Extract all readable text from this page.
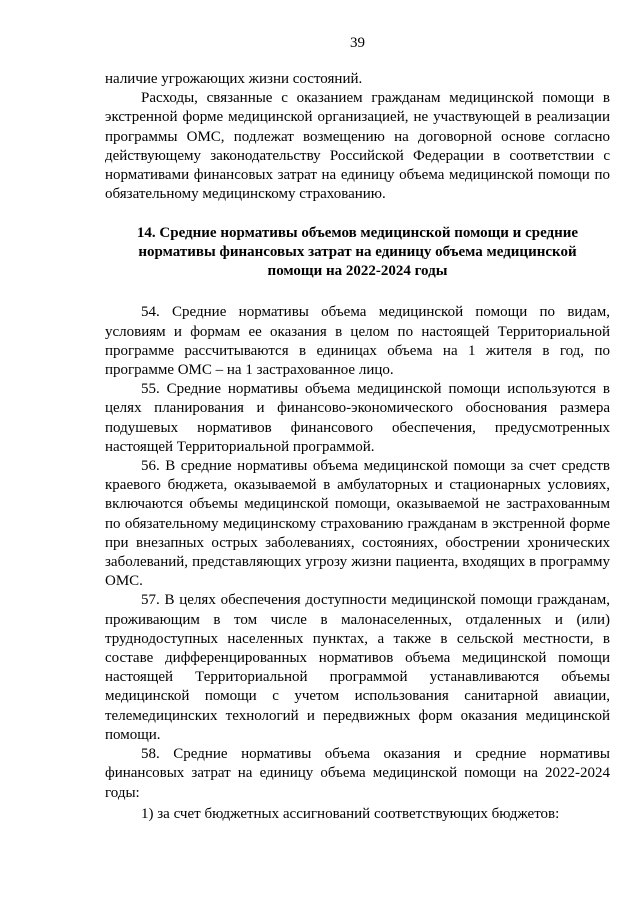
39

наличие угрожающих жизни состояний.

Расходы, связанные с оказанием гражданам медицинской помощи в экстренной форме медицинской организацией, не участвующей в реализации программы ОМС, подлежат возмещению на договорной основе согласно действующему законодательству Российской Федерации в соответствии с нормативами финансовых затрат на единицу объема медицинской помощи по обязательному медицинскому страхованию.

14. Средние нормативы объемов медицинской помощи и средние нормативы финансовых затрат на единицу объема медицинской помощи на 2022-2024 годы

54. Средние нормативы объема медицинской помощи по видам, условиям и формам ее оказания в целом по настоящей Территориальной программе рассчитываются в единицах объема на 1 жителя в год, по программе ОМС – на 1 застрахованное лицо.

55. Средние нормативы объема медицинской помощи используются в целях планирования и финансово-экономического обоснования размера подушевых нормативов финансового обеспечения, предусмотренных настоящей Территориальной программой.

56. В средние нормативы объема медицинской помощи за счет средств краевого бюджета, оказываемой в амбулаторных и стационарных условиях, включаются объемы медицинской помощи, оказываемой не застрахованным по обязательному медицинскому страхованию гражданам в экстренной форме при внезапных острых заболеваниях, состояниях, обострении хронических заболеваний, представляющих угрозу жизни пациента, входящих в программу ОМС.

57. В целях обеспечения доступности медицинской помощи гражданам, проживающим в том числе в малонаселенных, отдаленных и (или) труднодоступных населенных пунктах, а также в сельской местности, в составе дифференцированных нормативов объема медицинской помощи настоящей Территориальной программой устанавливаются объемы медицинской помощи с учетом использования санитарной авиации, телемедицинских технологий и передвижных форм оказания медицинской помощи.

58. Средние нормативы объема оказания и средние нормативы финансовых затрат на единицу объема медицинской помощи на 2022-2024 годы:

1) за счет бюджетных ассигнований соответствующих бюджетов:
